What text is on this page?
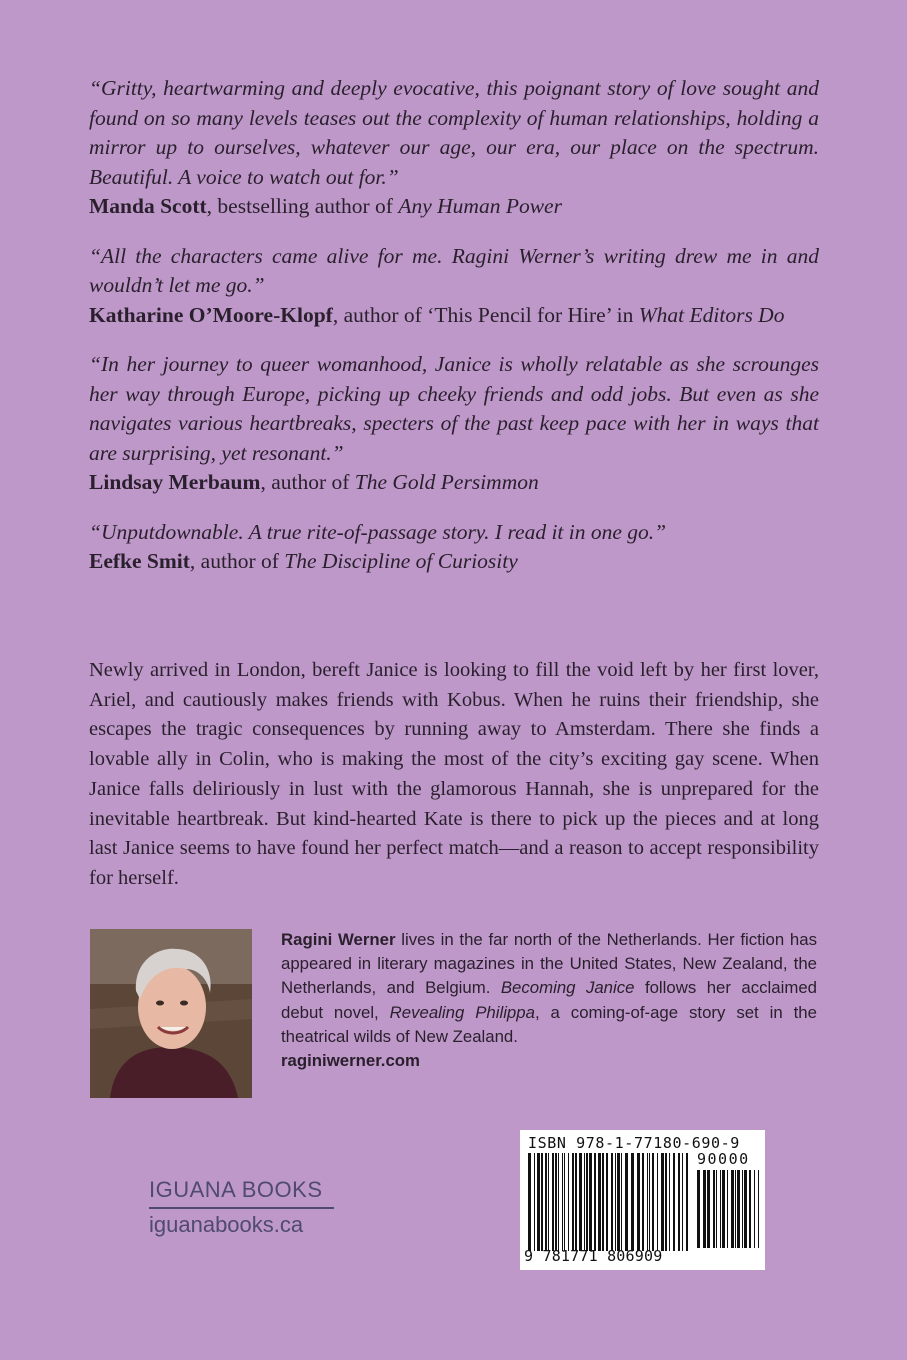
“Gritty, heartwarming and deeply evocative, this poignant story of love sought and found on so many levels teases out the complexity of human relationships, holding a mirror up to ourselves, whatever our age, our era, our place on the spectrum. Beautiful. A voice to watch out for.”
Manda Scott, bestselling author of Any Human Power
“All the characters came alive for me. Ragini Werner’s writing drew me in and wouldn’t let me go.”
Katharine O’Moore-Klopf, author of ‘This Pencil for Hire’ in What Editors Do
“In her journey to queer womanhood, Janice is wholly relatable as she scrounges her way through Europe, picking up cheeky friends and odd jobs. But even as she navigates various heartbreaks, specters of the past keep pace with her in ways that are surprising, yet resonant.”
Lindsay Merbaum, author of The Gold Persimmon
“Unputdownable. A true rite-of-passage story. I read it in one go.”
Eefke Smit, author of The Discipline of Curiosity
Newly arrived in London, bereft Janice is looking to fill the void left by her first lover, Ariel, and cautiously makes friends with Kobus. When he ruins their friendship, she escapes the tragic consequences by running away to Amsterdam. There she finds a lovable ally in Colin, who is making the most of the city’s exciting gay scene. When Janice falls deliriously in lust with the glamorous Hannah, she is unprepared for the inevitable heartbreak. But kind-hearted Kate is there to pick up the pieces and at long last Janice seems to have found her perfect match—and a reason to accept responsibility for herself.
Ragini Werner lives in the far north of the Netherlands. Her fiction has appeared in literary magazines in the United States, New Zealand, the Netherlands, and Belgium. Becoming Janice follows her acclaimed debut novel, Revealing Philippa, a coming-of-age story set in the theatrical wilds of New Zealand.
raginiwerner.com
IGUANA BOOKS
iguanabooks.ca
ISBN 978-1-77180-690-9
90000
9 781771 806909
